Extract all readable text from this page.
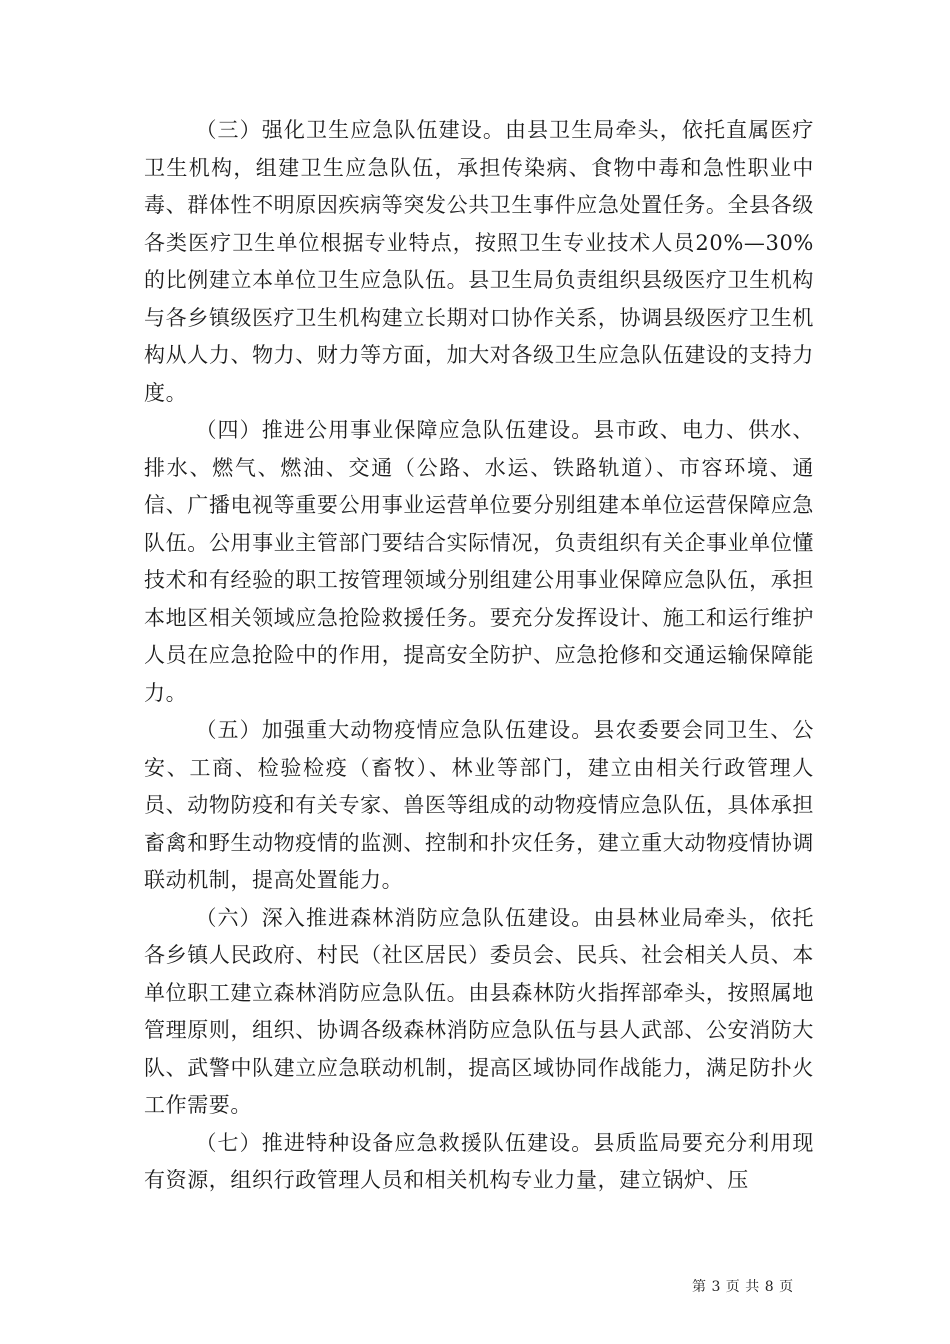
（三）强化卫生应急队伍建设。由县卫生局牵头，依托直属医疗卫生机构，组建卫生应急队伍，承担传染病、食物中毒和急性职业中毒、群体性不明原因疾病等突发公共卫生事件应急处置任务。全县各级各类医疗卫生单位根据专业特点，按照卫生专业技术人员20%—30%的比例建立本单位卫生应急队伍。县卫生局负责组织县级医疗卫生机构与各乡镇级医疗卫生机构建立长期对口协作关系，协调县级医疗卫生机构从人力、物力、财力等方面，加大对各级卫生应急队伍建设的支持力度。

（四）推进公用事业保障应急队伍建设。县市政、电力、供水、排水、燃气、燃油、交通（公路、水运、铁路轨道）、市容环境、通信、广播电视等重要公用事业运营单位要分别组建本单位运营保障应急队伍。公用事业主管部门要结合实际情况，负责组织有关企事业单位懂技术和有经验的职工按管理领域分别组建公用事业保障应急队伍，承担本地区相关领域应急抢险救援任务。要充分发挥设计、施工和运行维护人员在应急抢险中的作用，提高安全防护、应急抢修和交通运输保障能力。

（五）加强重大动物疫情应急队伍建设。县农委要会同卫生、公安、工商、检验检疫（畜牧）、林业等部门，建立由相关行政管理人员、动物防疫和有关专家、兽医等组成的动物疫情应急队伍，具体承担畜禽和野生动物疫情的监测、控制和扑灾任务，建立重大动物疫情协调联动机制，提高处置能力。

（六）深入推进森林消防应急队伍建设。由县林业局牵头，依托各乡镇人民政府、村民（社区居民）委员会、民兵、社会相关人员、本单位职工建立森林消防应急队伍。由县森林防火指挥部牵头，按照属地管理原则，组织、协调各级森林消防应急队伍与县人武部、公安消防大队、武警中队建立应急联动机制，提高区域协同作战能力，满足防扑火工作需要。

（七）推进特种设备应急救援队伍建设。县质监局要充分利用现有资源，组织行政管理人员和相关机构专业力量，建立锅炉、压

第 3 页 共 8 页
